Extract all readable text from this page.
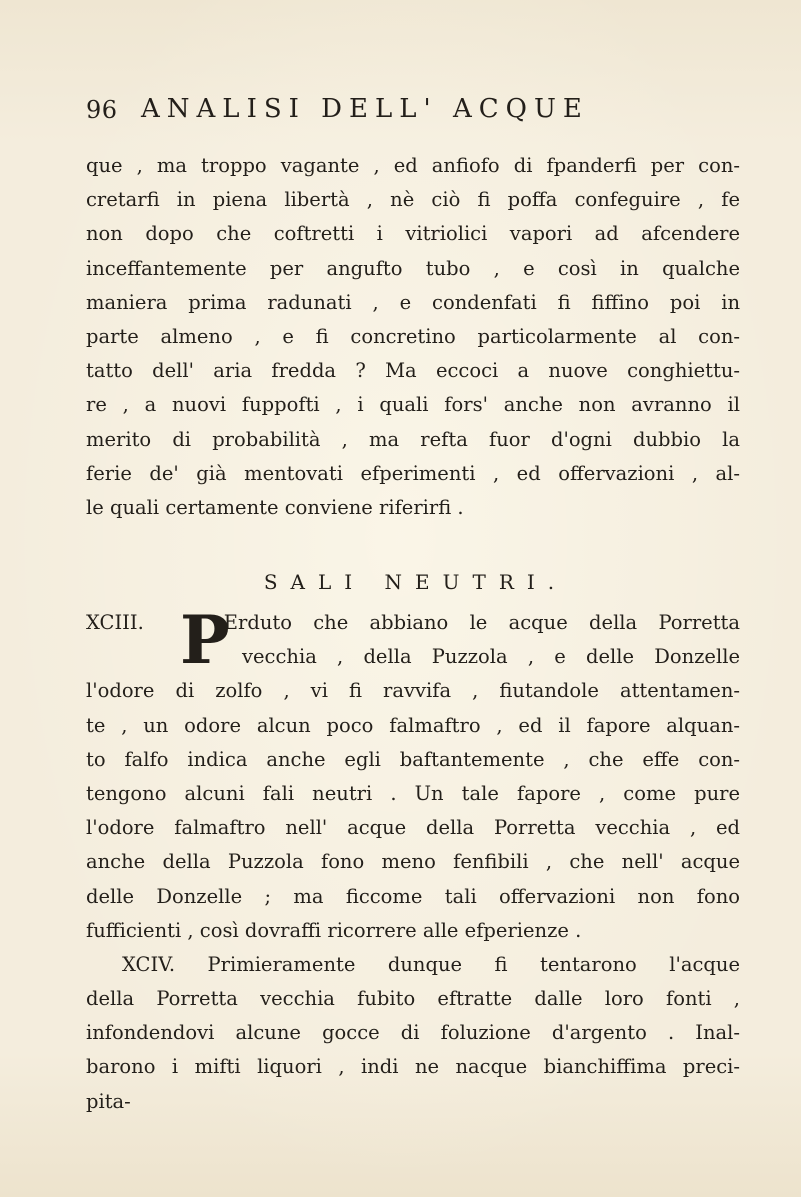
96 ANALISI DELL' ACQUE
que , ma troppo vagante , ed anfiofo di fpanderfi per con-
cretarfi in piena libertà , nè ciò fi poffa confeguire , fe
non dopo che coftretti i vitriolici vapori ad afcendere
inceffantemente per angufto tubo , e così in qualche
maniera prima radunati , e condenfati fi fiffino poi in
parte almeno , e fi concretino particolarmente al con-
tatto dell' aria fredda ? Ma eccoci a nuove conghiettu-
re , a nuovi fuppofti , i quali fors' anche non avranno il
merito di probabilità , ma refta fuor d'ogni dubbio la
ferie de' già mentovati efperimenti , ed offervazioni , al-
le quali certamente conviene riferirfi .
SALI NEUTRI.
XCIII.	Erduto che abbiano le acque della Porretta
P vecchia , della Puzzola , e delle Donzelle
l'odore di zolfo , vi fi ravvifa , fiutandole attentamen-
te , un odore alcun poco falmaftro , ed il fapore alquan-
to falfo indica anche egli baftantemente , che effe con-
tengono alcuni fali neutri . Un tale fapore , come pure
l'odore falmaftro nell' acque della Porretta vecchia , ed
anche della Puzzola fono meno fenfibili , che nell' acque
delle Donzelle ; ma ficcome tali offervazioni non fono
fufficienti , così dovraffi ricorrere alle efperienze .
XCIV. Primieramente dunque fi tentarono l'acque
della Porretta vecchia fubito eftratte dalle loro fonti ,
infondendovi alcune gocce di foluzione d'argento . Inal-
barono i mifti liquori , indi ne nacque bianchiffima preci-
pita-
